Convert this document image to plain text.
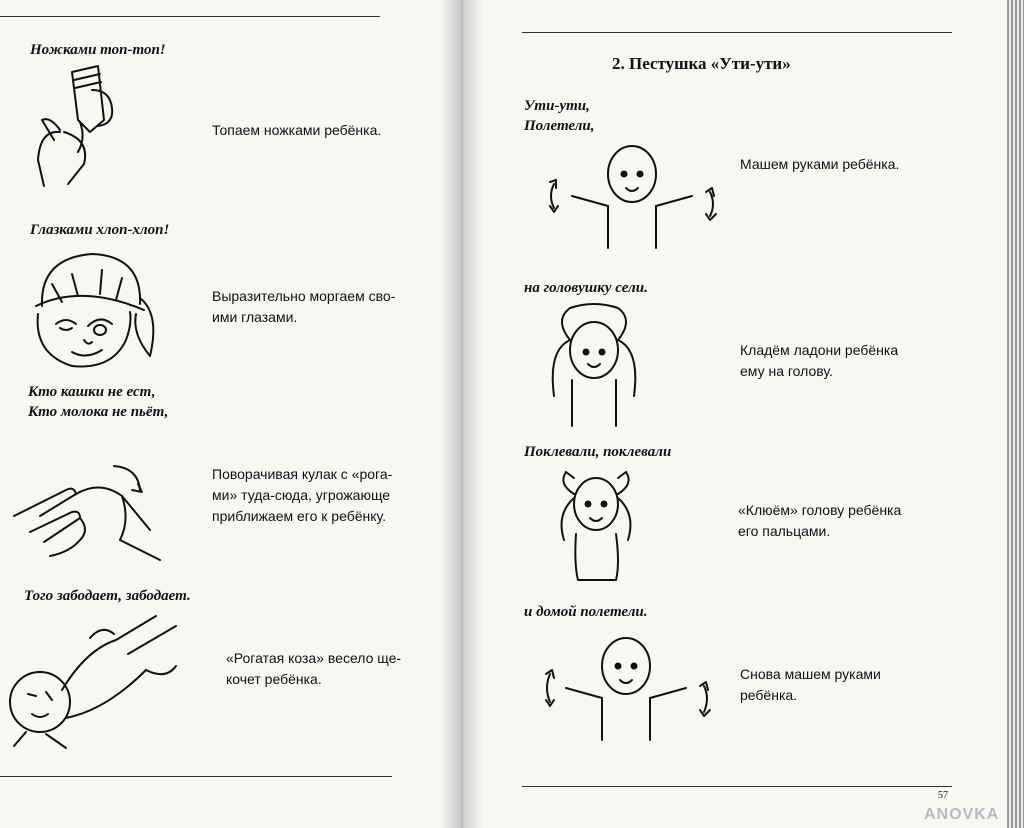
Ножками топ-топ!
Топаем ножками ребёнка.
Глазками хлоп-хлоп!
Выразительно моргаем сво-
ими глазами.
Кто кашки не ест,
Кто молока не пьёт,
Поворачивая кулак с «рога-
ми» туда-сюда, угрожающе
приближаем его к ребёнку.
Того забодает, забодает.
«Рогатая коза» весело ще-
кочет ребёнка.
2. Пестушка «Ути-ути»
Ути-ути,
Полетели,
Машем руками ребёнка.
на головушку сели.
Кладём ладони ребёнка
ему на голову.
Поклевали, поклевали
«Клюём» голову ребёнка
его пальцами.
и домой полетели.
Снова машем руками
ребёнка.
57
ANOVKA
